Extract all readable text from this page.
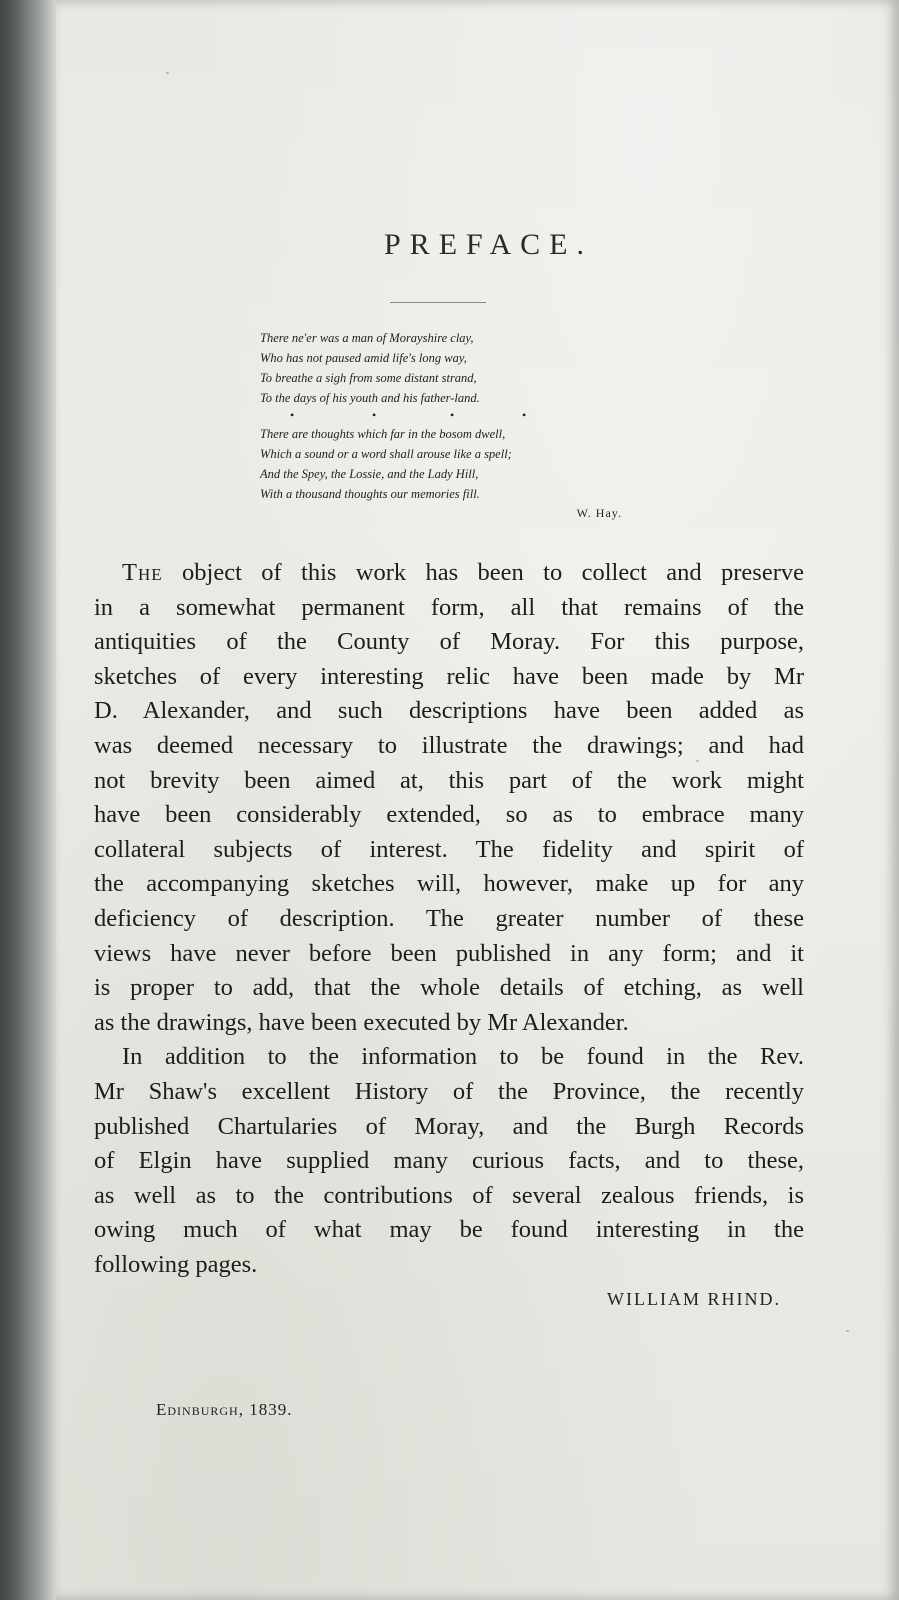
PREFACE.
There ne'er was a man of Morayshire clay,
Who has not paused amid life's long way,
To breathe a sigh from some distant strand,
To the days of his youth and his father-land.
•	•	•	•
There are thoughts which far in the bosom dwell,
Which a sound or a word shall arouse like a spell;
And the Spey, the Lossie, and the Lady Hill,
With a thousand thoughts our memories fill.
W. Hay.
The object of this work has been to collect and preserve
in a somewhat permanent form, all that remains of the
antiquities of the County of Moray. For this purpose,
sketches of every interesting relic have been made by Mr
D. Alexander, and such descriptions have been added as
was deemed necessary to illustrate the drawings; and had
not brevity been aimed at, this part of the work might
have been considerably extended, so as to embrace many
collateral subjects of interest. The fidelity and spirit of
the accompanying sketches will, however, make up for any
deficiency of description. The greater number of these
views have never before been published in any form; and it
is proper to add, that the whole details of etching, as well
as the drawings, have been executed by Mr Alexander.
In addition to the information to be found in the Rev.
Mr Shaw's excellent History of the Province, the recently
published Chartularies of Moray, and the Burgh Records
of Elgin have supplied many curious facts, and to these,
as well as to the contributions of several zealous friends, is
owing much of what may be found interesting in the
following pages.
WILLIAM RHIND.
Edinburgh, 1839.
